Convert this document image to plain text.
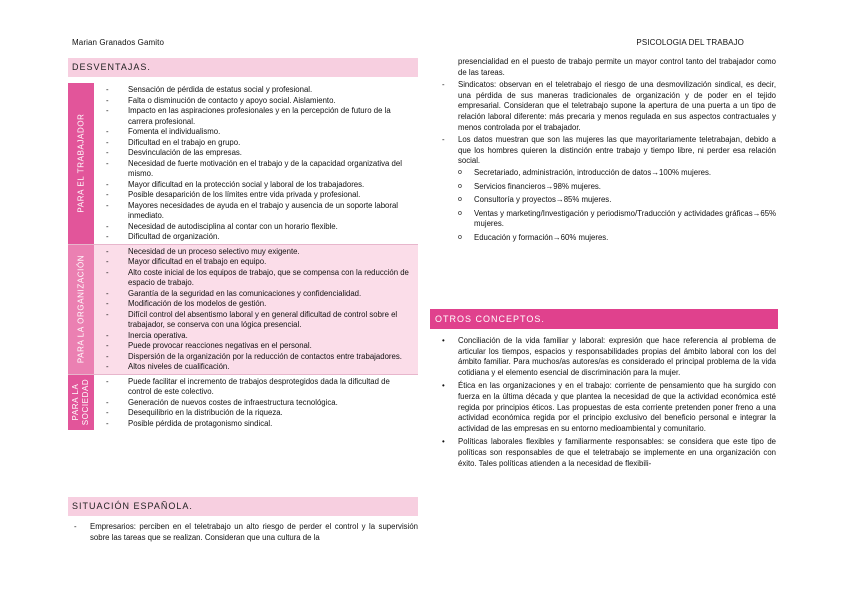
Marian Granados Gamito	PSICOLOGIA DEL TRABAJO
DESVENTAJAS.
PARA EL TRABAJADOR
- Sensación de pérdida de estatus social y profesional.
- Falta o disminución de contacto y apoyo social. Aislamiento.
- Impacto en las aspiraciones profesionales y en la percepción de futuro de la carrera profesional.
- Fomenta el individualismo.
- Dificultad en el trabajo en grupo.
- Desvinculación de las empresas.
- Necesidad de fuerte motivación en el trabajo y de la capacidad organizativa del mismo.
- Mayor dificultad en la protección social y laboral de los trabajadores.
- Posible desaparición de los límites entre vida privada y profesional.
- Mayores necesidades de ayuda en el trabajo y ausencia de un soporte laboral inmediato.
- Necesidad de autodisciplina al contar con un horario flexible.
- Dificultad de organización.
PARA LA ORGANIZACIÓN
- Necesidad de un proceso selectivo muy exigente.
- Mayor dificultad en el trabajo en equipo.
- Alto coste inicial de los equipos de trabajo, que se compensa con la reducción de espacio de trabajo.
- Garantía de la seguridad en las comunicaciones y confidencialidad.
- Modificación de los modelos de gestión.
- Difícil control del absentismo laboral y en general dificultad de control sobre el trabajador, se conserva con una lógica presencial.
- Inercia operativa.
- Puede provocar reacciones negativas en el personal.
- Dispersión de la organización por la reducción de contactos entre trabajadores.
- Altos niveles de cualificación.
PARA LA SOCIEDAD
-	Puede facilitar el incremento de trabajos desprotegidos dada la dificultad de control de este colectivo.
- Generación de nuevos costes de infraestructura tecnológica.
- Desequilibrio en la distribución de la riqueza.
- Posible pérdida de protagonismo sindical.
SITUACIÓN ESPAÑOLA.
- Empresarios: perciben en el teletrabajo un alto riesgo de perder el control y la supervisión sobre las tareas que se realizan. Consideran que una cultura de la
presencialidad en el puesto de trabajo permite un mayor control tanto del trabajador como de las tareas.
- Sindicatos: observan en el teletrabajo el riesgo de una desmovilización sindical, es decir, una pérdida de sus maneras tradicionales de organización y de poder en el tejido empresarial. Consideran que el teletrabajo supone la apertura de una puerta a un tipo de relación laboral diferente: más precaria y menos regulada en sus aspectos contractuales y menos controlada por el trabajador.
- Los datos muestran que son las mujeres las que mayoritariamente teletrabajan, debido a que los hombres quieren la distinción entre trabajo y tiempo libre, ni perder esa relación social.
o Secretariado, administración, introducción de datos→100% mujeres.
o Servicios financieros→98% mujeres.
o Consultoría y proyectos→85% mujeres.
o Ventas y marketing/Investigación y periodismo/Traducción y actividades gráficas→65% mujeres.
o Educación y formación→60% mujeres.
OTROS CONCEPTOS.
• Conciliación de la vida familiar y laboral: expresión que hace referencia al problema de articular los tiempos, espacios y responsabilidades propias del ámbito laboral con los del ámbito familiar. Para muchos/as autores/as es considerado el principal problema de la vida cotidiana y el elemento esencial de discriminación para la mujer.
• Ética en las organizaciones y en el trabajo: corriente de pensamiento que ha surgido con fuerza en la última década y que plantea la necesidad de que la actividad económica esté regida por principios éticos. Las propuestas de esta corriente pretenden poner freno a una actividad económica regida por el principio exclusivo del beneficio personal e integrar la actividad de las empresas en su entorno medioambiental y comunitario.
• Políticas laborales flexibles y familiarmente responsables: se considera que este tipo de políticas son responsables de que el teletrabajo se implemente en una organización con éxito. Tales políticas atienden a la necesidad de flexibili-
